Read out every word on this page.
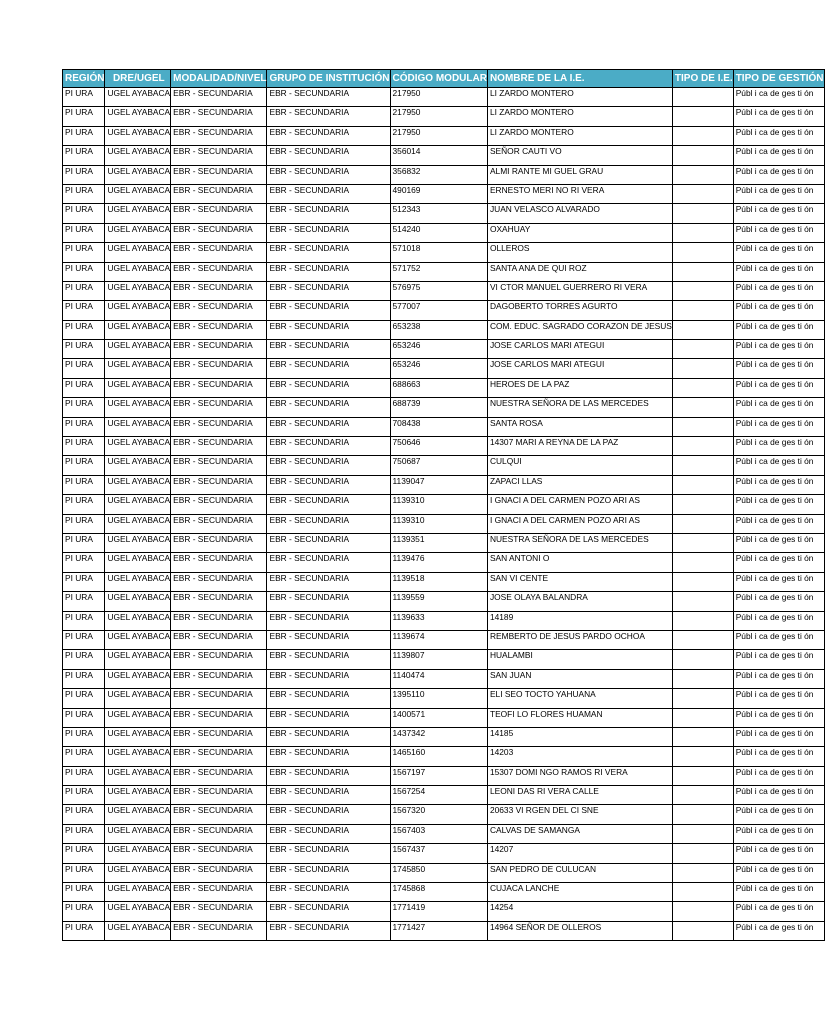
REGIÓN	DRE/UGEL	MODALIDAD/NIVEL	GRUPO DE INSTITUCIÓN	CÓDIGO MODULAR	NOMBRE DE LA I.E.	TIPO DE I.E.	TIPO DE GESTIÓN
PI URA	UGEL AYABACA	EBR - SECUNDARIA	EBR - SECUNDARIA	217950	LI ZARDO MONTERO		Públ i ca de ges ti ón
PI URA	UGEL AYABACA	EBR - SECUNDARIA	EBR - SECUNDARIA	217950	LI ZARDO MONTERO		Públ i ca de ges ti ón
PI URA	UGEL AYABACA	EBR - SECUNDARIA	EBR - SECUNDARIA	217950	LI ZARDO MONTERO		Públ i ca de ges ti ón
PI URA	UGEL AYABACA	EBR - SECUNDARIA	EBR - SECUNDARIA	356014	SEÑOR CAUTI VO		Públ i ca de ges ti ón
PI URA	UGEL AYABACA	EBR - SECUNDARIA	EBR - SECUNDARIA	356832	ALMI RANTE MI GUEL GRAU		Públ i ca de ges ti ón
PI URA	UGEL AYABACA	EBR - SECUNDARIA	EBR - SECUNDARIA	490169	ERNESTO MERI NO RI VERA		Públ i ca de ges ti ón
PI URA	UGEL AYABACA	EBR - SECUNDARIA	EBR - SECUNDARIA	512343	JUAN VELASCO ALVARADO		Públ i ca de ges ti ón
PI URA	UGEL AYABACA	EBR - SECUNDARIA	EBR - SECUNDARIA	514240	OXAHUAY		Públ i ca de ges ti ón
PI URA	UGEL AYABACA	EBR - SECUNDARIA	EBR - SECUNDARIA	571018	OLLEROS		Públ i ca de ges ti ón
PI URA	UGEL AYABACA	EBR - SECUNDARIA	EBR - SECUNDARIA	571752	SANTA ANA DE QUI ROZ		Públ i ca de ges ti ón
PI URA	UGEL AYABACA	EBR - SECUNDARIA	EBR - SECUNDARIA	576975	VI CTOR MANUEL GUERRERO RI VERA		Públ i ca de ges ti ón
PI URA	UGEL AYABACA	EBR - SECUNDARIA	EBR - SECUNDARIA	577007	DAGOBERTO TORRES AGURTO		Públ i ca de ges ti ón
PI URA	UGEL AYABACA	EBR - SECUNDARIA	EBR - SECUNDARIA	653238	COM. EDUC. SAGRADO CORAZON DE JESUS		Públ i ca de ges ti ón
PI URA	UGEL AYABACA	EBR - SECUNDARIA	EBR - SECUNDARIA	653246	JOSE CARLOS MARI ATEGUI		Públ i ca de ges ti ón
PI URA	UGEL AYABACA	EBR - SECUNDARIA	EBR - SECUNDARIA	653246	JOSE CARLOS MARI ATEGUI		Públ i ca de ges ti ón
PI URA	UGEL AYABACA	EBR - SECUNDARIA	EBR - SECUNDARIA	688663	HEROES DE LA PAZ		Públ i ca de ges ti ón
PI URA	UGEL AYABACA	EBR - SECUNDARIA	EBR - SECUNDARIA	688739	NUESTRA SEÑORA DE LAS MERCEDES		Públ i ca de ges ti ón
PI URA	UGEL AYABACA	EBR - SECUNDARIA	EBR - SECUNDARIA	708438	SANTA ROSA		Públ i ca de ges ti ón
PI URA	UGEL AYABACA	EBR - SECUNDARIA	EBR - SECUNDARIA	750646	14307 MARI A REYNA DE LA PAZ		Públ i ca de ges ti ón
PI URA	UGEL AYABACA	EBR - SECUNDARIA	EBR - SECUNDARIA	750687	CULQUI		Públ i ca de ges ti ón
PI URA	UGEL AYABACA	EBR - SECUNDARIA	EBR - SECUNDARIA	1139047	ZAPACI LLAS		Públ i ca de ges ti ón
PI URA	UGEL AYABACA	EBR - SECUNDARIA	EBR - SECUNDARIA	1139310	I GNACI A DEL CARMEN POZO ARI AS		Públ i ca de ges ti ón
PI URA	UGEL AYABACA	EBR - SECUNDARIA	EBR - SECUNDARIA	1139310	I GNACI A DEL CARMEN POZO ARI AS		Públ i ca de ges ti ón
PI URA	UGEL AYABACA	EBR - SECUNDARIA	EBR - SECUNDARIA	1139351	NUESTRA SEÑORA DE LAS MERCEDES		Públ i ca de ges ti ón
PI URA	UGEL AYABACA	EBR - SECUNDARIA	EBR - SECUNDARIA	1139476	SAN ANTONI O		Públ i ca de ges ti ón
PI URA	UGEL AYABACA	EBR - SECUNDARIA	EBR - SECUNDARIA	1139518	SAN VI CENTE		Públ i ca de ges ti ón
PI URA	UGEL AYABACA	EBR - SECUNDARIA	EBR - SECUNDARIA	1139559	JOSE OLAYA BALANDRA		Públ i ca de ges ti ón
PI URA	UGEL AYABACA	EBR - SECUNDARIA	EBR - SECUNDARIA	1139633	14189		Públ i ca de ges ti ón
PI URA	UGEL AYABACA	EBR - SECUNDARIA	EBR - SECUNDARIA	1139674	REMBERTO DE JESUS PARDO OCHOA		Públ i ca de ges ti ón
PI URA	UGEL AYABACA	EBR - SECUNDARIA	EBR - SECUNDARIA	1139807	HUALAMBI		Públ i ca de ges ti ón
PI URA	UGEL AYABACA	EBR - SECUNDARIA	EBR - SECUNDARIA	1140474	SAN JUAN		Públ i ca de ges ti ón
PI URA	UGEL AYABACA	EBR - SECUNDARIA	EBR - SECUNDARIA	1395110	ELI SEO TOCTO YAHUANA		Públ i ca de ges ti ón
PI URA	UGEL AYABACA	EBR - SECUNDARIA	EBR - SECUNDARIA	1400571	TEOFI LO FLORES HUAMAN		Públ i ca de ges ti ón
PI URA	UGEL AYABACA	EBR - SECUNDARIA	EBR - SECUNDARIA	1437342	14185		Públ i ca de ges ti ón
PI URA	UGEL AYABACA	EBR - SECUNDARIA	EBR - SECUNDARIA	1465160	14203		Públ i ca de ges ti ón
PI URA	UGEL AYABACA	EBR - SECUNDARIA	EBR - SECUNDARIA	1567197	15307 DOMI NGO RAMOS RI VERA		Públ i ca de ges ti ón
PI URA	UGEL AYABACA	EBR - SECUNDARIA	EBR - SECUNDARIA	1567254	LEONI DAS RI VERA CALLE		Públ i ca de ges ti ón
PI URA	UGEL AYABACA	EBR - SECUNDARIA	EBR - SECUNDARIA	1567320	20633 VI RGEN DEL CI SNE		Públ i ca de ges ti ón
PI URA	UGEL AYABACA	EBR - SECUNDARIA	EBR - SECUNDARIA	1567403	CALVAS DE SAMANGA		Públ i ca de ges ti ón
PI URA	UGEL AYABACA	EBR - SECUNDARIA	EBR - SECUNDARIA	1567437	14207		Públ i ca de ges ti ón
PI URA	UGEL AYABACA	EBR - SECUNDARIA	EBR - SECUNDARIA	1745850	SAN PEDRO DE CULUCAN		Públ i ca de ges ti ón
PI URA	UGEL AYABACA	EBR - SECUNDARIA	EBR - SECUNDARIA	1745868	CUJACA LANCHE		Públ i ca de ges ti ón
PI URA	UGEL AYABACA	EBR - SECUNDARIA	EBR - SECUNDARIA	1771419	14254		Públ i ca de ges ti ón
PI URA	UGEL AYABACA	EBR - SECUNDARIA	EBR - SECUNDARIA	1771427	14964 SEÑOR DE OLLEROS		Públ i ca de ges ti ón
